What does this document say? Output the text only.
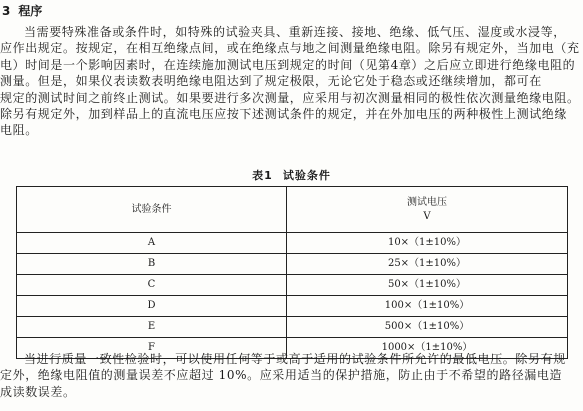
3 程序
当需要特殊准备或条件时，如特殊的试验夹具、重新连接、接地、绝缘、低气压、湿度或水浸等，
应作出规定。按规定，在相互绝缘点间，或在绝缘点与地之间测量绝缘电阻。除另有规定外，当加电（充
电）时间是一个影响因素时，在连续施加测试电压到规定的时间（见第4章）之后应立即进行绝缘电阻的
测量。但是，如果仪表读数表明绝缘电阻达到了规定极限，无论它处于稳态或还继续增加，都可在
规定的测试时间之前终止测试。如果要进行多次测量，应采用与初次测量相同的极性依次测量绝缘电阻。
除另有规定外，加到样品上的直流电压应按下述测试条件的规定，并在外加电压的两种极性上测试绝缘
电阻。
表1 试验条件
试验条件	测试电压
V

A	10×（1±10%）
B	25×（1±10%）
C	50×（1±10%）
D	100×（1±10%）
E	500×（1±10%）
F	1000×（1±10%）
当进行质量一致性检验时，可以使用任何等于或高于适用的试验条件所允许的最低电压。除另有规
定外，绝缘电阻值的测量误差不应超过 10%。应采用适当的保护措施，防止由于不希望的路径漏电造
成读数误差。
